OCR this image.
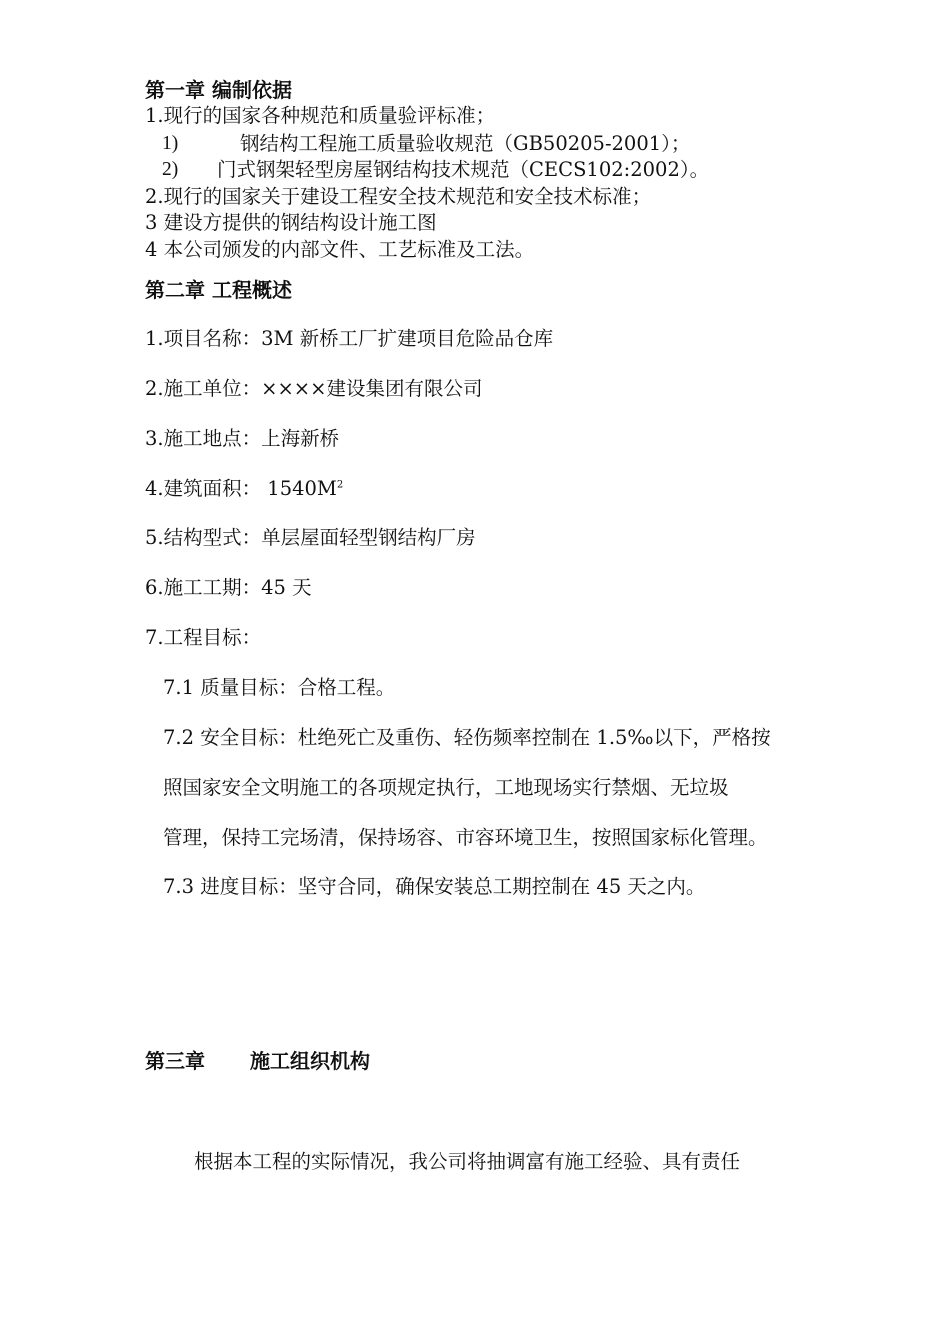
第一章 编制依据
1.现行的国家各种规范和质量验评标准；
1)	钢结构工程施工质量验收规范（GB50205-2001）；
2) 门式钢架轻型房屋钢结构技术规范（CECS102:2002）。
2.现行的国家关于建设工程安全技术规范和安全技术标准；
3 建设方提供的钢结构设计施工图
4 本公司颁发的内部文件、工艺标准及工法。
第二章 工程概述
1.项目名称：3M 新桥工厂扩建项目危险品仓库
2.施工单位：××××建设集团有限公司
3.施工地点：上海新桥
4.建筑面积： $1540M^2$
5.结构型式：单层屋面轻型钢结构厂房
6.施工工期：45 天
7.工程目标：
7.1 质量目标：合格工程。
7.2 安全目标：杜绝死亡及重伤、轻伤频率控制在 1.5‰以下，严格按
照国家安全文明施工的各项规定执行，工地现场实行禁烟、无垃圾
管理，保持工完场清，保持场容、市容环境卫生，按照国家标化管理。
7.3 进度目标：坚守合同，确保安装总工期控制在 45 天之内。
第三章 施工组织机构
根据本工程的实际情况，我公司将抽调富有施工经验、具有责任
